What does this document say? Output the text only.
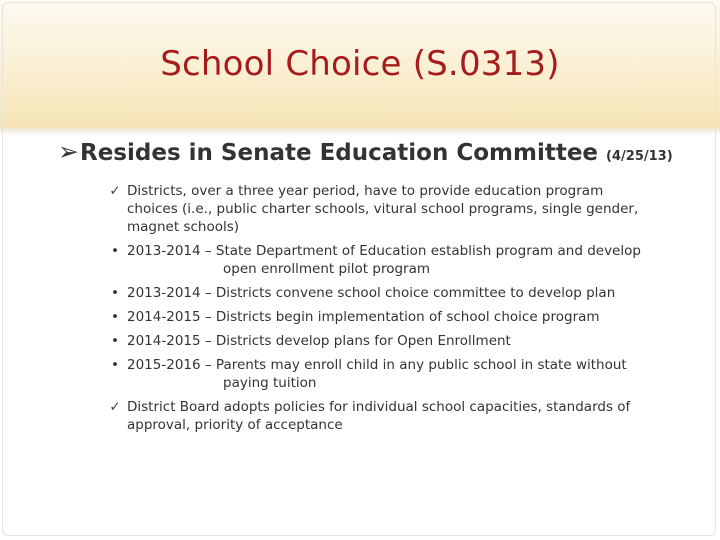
School Choice (S.0313)
➢Resides in Senate Education Committee (4/25/13)
✓ Districts, over a three year period, have to provide education program
choices (i.e., public charter schools, vitural school programs, single gender,
magnet schools)
• 2013-2014 – State Department of Education establish program and develop
open enrollment pilot program
• 2013-2014 – Districts convene school choice committee to develop plan
• 2014-2015 – Districts begin implementation of school choice program
• 2014-2015 – Districts develop plans for Open Enrollment
• 2015-2016 – Parents may enroll child in any public school in state without
paying tuition
✓ District Board adopts policies for individual school capacities, standards of
approval, priority of acceptance
